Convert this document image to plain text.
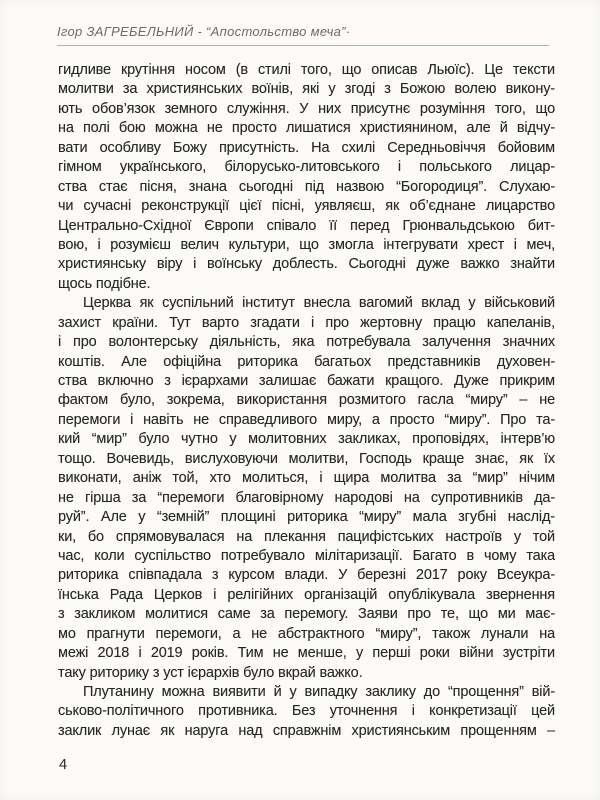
Ігор ЗАГРЕБЕЛЬНИЙ - “Апостольство меча”·
гидливе крутіння носом (в стилі того, що описав Льюїс). Це тексти
молитви за християнських воїнів, які у згоді з Божою волею викону-
ють обов’язок земного служіння. У них присутнє розуміння того, що
на полі бою можна не просто лишатися християнином, але й відчу-
вати особливу Божу присутність. На схилі Середньовіччя бойовим
гімном українського, білорусько-литовського і польського лицар-
ства стає пісня, знана сьогодні під назвою “Богородиця”. Слухаю-
чи сучасні реконструкції цієї пісні, уявляєш, як об’єднане лицарство
Центрально-Східної Європи співало її перед Грюнвальдською бит-
вою, і розумієш велич культури, що змогла інтегрувати хрест і меч,
християнську віру і воїнську доблесть. Сьогодні дуже важко знайти
щось подібне.
Церква як суспільний інститут внесла вагомий вклад у військовий
захист країни. Тут варто згадати і про жертовну працю капеланів,
і про волонтерську діяльність, яка потребувала залучення значних
коштів. Але офіційна риторика багатьох представників духовен-
ства включно з ієрархами залишає бажати кращого. Дуже прикрим
фактом було, зокрема, використання розмитого гасла “миру” – не
перемоги і навіть не справедливого миру, а просто “миру”. Про та-
кий “мир” було чутно у молитовних закликах, проповідях, інтерв’ю
тощо. Вочевидь, вислуховуючи молитви, Господь краще знає, як їх
виконати, аніж той, хто молиться, і щира молитва за “мир” нічим
не гірша за “перемоги благовірному народові на супротивників да-
руй”. Але у “земній” площині риторика “миру” мала згубні наслід-
ки, бо спрямовувалася на плекання пацифістських настроїв у той
час, коли суспільство потребувало мілітаризації. Багато в чому така
риторика співпадала з курсом влади. У березні 2017 року Всеукра-
їнська Рада Церков і релігійних організацій опублікувала звернення
з закликом молитися саме за перемогу. Заяви про те, що ми має-
мо прагнути перемоги, а не абстрактного “миру”, також лунали на
межі 2018 і 2019 років. Тим не менше, у перші роки війни зустріти
таку риторику з уст ієрархів було вкрай важко.
Плутанину можна виявити й у випадку заклику до “прощення” вій-
ськово-політичного противника. Без уточнення і конкретизації цей
заклик лунає як наруга над справжнім християнським прощенням –
4
